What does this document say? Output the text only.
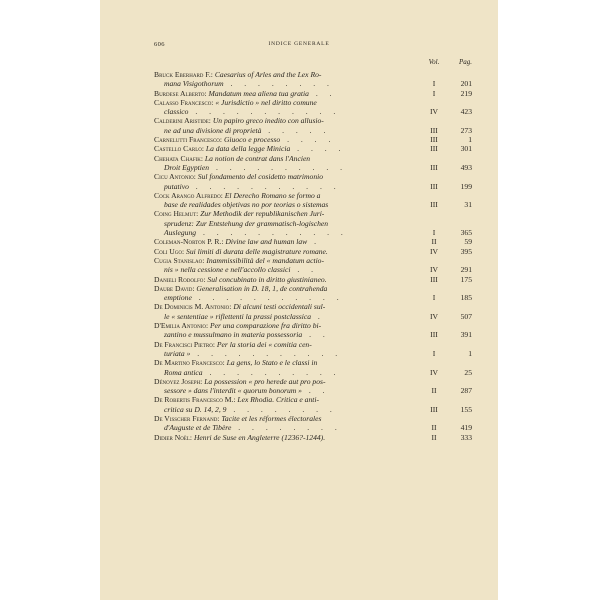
606	INDICE GENERALE
Vol.	Pag.
Bruck Eberhard F.: Caesarius of Arles and the Lex Ro-
mana Visigothorum . . . . . . . .	I	201
Burdese Alberto: Mandatum mea aliena tua gratia . .	I	219
Calasso Francesco: « Jurisdictio » nel diritto comune
classico . . . . . . . . . . .	IV	423
Calderini Aristide: Un papiro greco inedito con allusio-
ne ad una divisione di proprietà . . . . .	III	273
Carnelutti Francesco: Giuoco e processo . . . .	III	1
Castello Carlo: La data della legge Minicia . . . .	III	301
Chehata Chafik: La notion de contrat dans l'Ancien
Droit Egyptien . . . . . . . . . .	III	493
Cicu Antonio: Sul fondamento del cosidetto matrimonio
putativo . . . . . . . . . . .	III	199
Cock Arango Alfredo: El Derecho Romano se formo a
base de realidades objetivas no por teorias o sistemas	III	31
Coing Helmut: Zur Methodik der republikanischen Juri-
sprudenz: Zur Entstehung der grammatisch-logischen
Auslegung . . . . . . . . . . .	I	365
Coleman-Norton P. R.: Divine law and human law .	II	59
Coli Ugo: Sui limiti di durata delle magistrature romane.	IV	395
Cugia Stanislao: Inammissibilità del « mandatum actio-
nis » nella cessione e nell'accollo classici . .	IV	291
Danieli Rodolfo: Sul concubinato in diritto giustinianeo.	III	175
Daube David: Generalisation in D. 18, 1, de contrahenda
emptione . . . . . . . . . . .	I	185
De Dominicis M. Antonio: Di alcuni testi occidentali sul-
le « sententiae » riflettenti la prassi postclassica .	IV	507
D'Emilia Antonio: Per una comparazione fra diritto bi-
zantino e mussulmano in materia possessoria . .	III	391
De Francisci Pietro: Per la storia dei « comitia cen-
turiata » . . . . . . . . . . .	I	1
De Martino Francesco: La gens, lo Stato e le classi in
Roma antica . . . . . . . . . .	IV	25
Dénoyez Joseph: La possession « pro herede aut pro pos-
sessore » dans l'interdit « quorum bonorum » . .	II	287
De Robertis Francesco M.: Lex Rhodia. Critica e anti-
critica su D. 14, 2, 9 . . . . . . . .	III	155
De Visscher Fernand: Tacite et les réformes électorales
d'Auguste et de Tibère . . . . . . . .	II	419
Didier Noël: Henri de Suse en Angleterre (1236?-1244).	II	333
